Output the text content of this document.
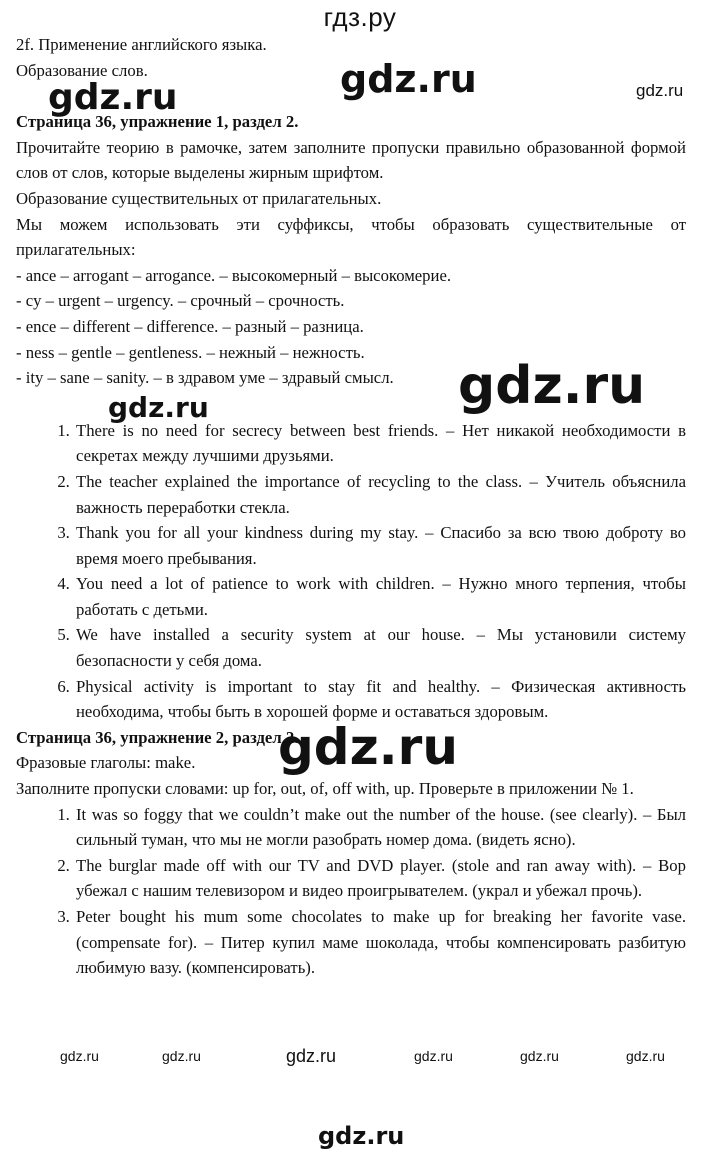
гдз.ру

2f. Применение английского языка.

Образование слов.

Страница 36, упражнение 1, раздел 2.

Прочитайте теорию в рамочке, затем заполните пропуски правильно образованной формой слов от слов, которые выделены жирным шрифтом.

Образование существительных от прилагательных.

Мы можем использовать эти суффиксы, чтобы образовать существительные от прилагательных:

- ance – arrogant – arrogance. – высокомерный – высокомерие.

- cy – urgent – urgency. – срочный – срочность.

- ence – different – difference. – разный – разница.

- ness – gentle – gentleness. – нежный – нежность.

- ity – sane – sanity. – в здравом уме – здравый смысл.

1. There is no need for secrecy between best friends. – Нет никакой необходимости в секретах между лучшими друзьями.
2. The teacher explained the importance of recycling to the class. – Учитель объяснила важность переработки стекла.
3. Thank you for all your kindness during my stay. – Спасибо за всю твою доброту во время моего пребывания.
4. You need a lot of patience to work with children. – Нужно много терпения, чтобы работать с детьми.
5. We have installed a security system at our house. – Мы установили систему безопасности у себя дома.
6. Physical activity is important to stay fit and healthy. – Физическая активность необходима, чтобы быть в хорошей форме и оставаться здоровым.

Страница 36, упражнение 2, раздел 2.

Фразовые глаголы: make.

Заполните пропуски словами: up for, out, of, off with, up. Проверьте в приложении № 1.

1. It was so foggy that we couldn’t make out the number of the house. (see clearly). – Был сильный туман, что мы не могли разобрать номер дома. (видеть ясно).
2. The burglar made off with our TV and DVD player. (stole and ran away with). – Вор убежал с нашим телевизором и видео проигрывателем. (украл и убежал прочь).
3. Peter bought his mum some chocolates to make up for breaking her favorite vase. (compensate for). – Питер купил маме шоколада, чтобы компенсировать разбитую любимую вазу. (компенсировать).
gdz.ru	gdz.ru	gdz.ru
gdz.ru
gdz.ru
gdz.ru
gdz.ru	gdz.ru	gdz.ru	gdz.ru	gdz.ru	gdz.ru
gdz.ru
